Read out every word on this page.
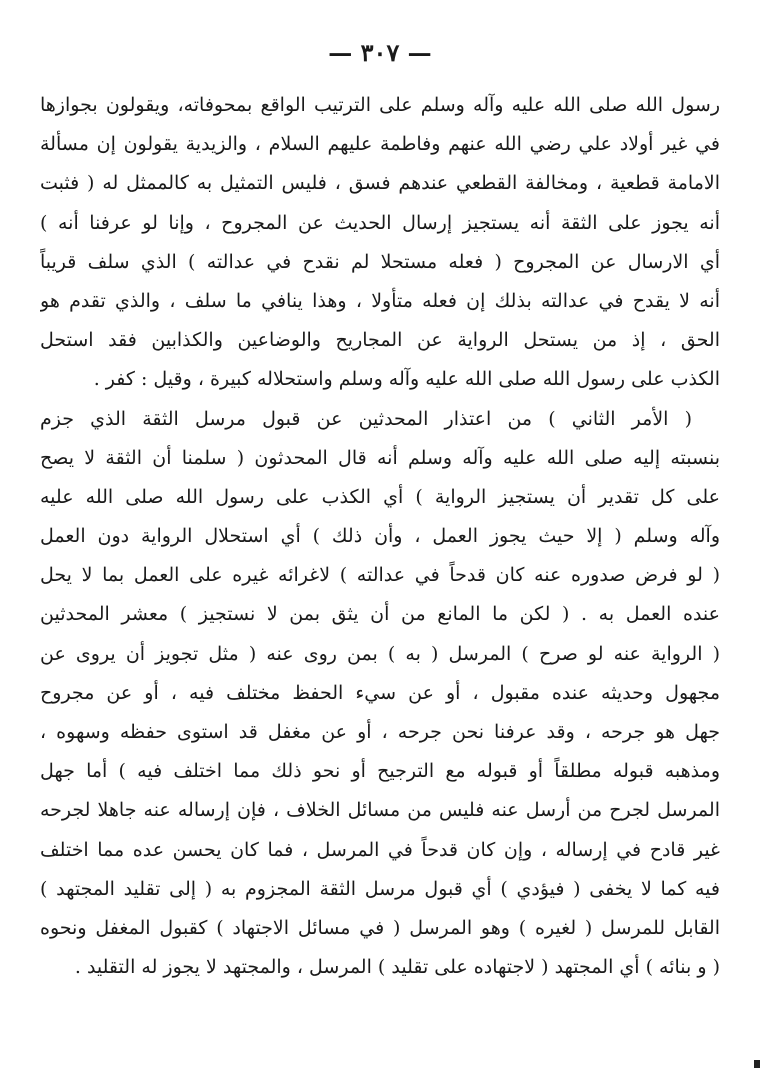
— ٣٠٧ —
رسول الله صلى الله عليه وآله وسلم على الترتيب الواقع بمحوفاته، ويقولون بجوازها
في غير أولاد علي رضي الله عنهم وفاطمة عليهم السلام ، والزيدية يقولون إن مسألة
الامامة قطعية ، ومخالفة القطعي عندهم فسق ، فليس التمثيل به كالممثل له ( فثبت
أنه يجوز على الثقة أنه يستجيز إرسال الحديث عن المجروح ، وإنا لو عرفنا أنه )
أي الارسال عن المجروح ( فعله مستحلا لم نقدح في عدالته ) الذي سلف قريباً
أنه لا يقدح في عدالته بذلك إن فعله متأولا ، وهذا ينافي ما سلف ، والذي تقدم هو
الحق ، إذ من يستحل الرواية عن المجاريح والوضاعين والكذابين فقد استحل
الكذب على رسول الله صلى الله عليه وآله وسلم واستحلاله كبيرة ، وقيل : كفر .
( الأمر الثاني ) من اعتذار المحدثين عن قبول مرسل الثقة الذي جزم
بنسبته إليه صلى الله عليه وآله وسلم أنه قال المحدثون ( سلمنا أن الثقة لا يصح
على كل تقدير أن يستجيز الرواية ) أي الكذب على رسول الله صلى الله عليه
وآله وسلم ( إلا حيث يجوز العمل ، وأن ذلك ) أي استحلال الرواية دون العمل
( لو فرض صدوره عنه كان قدحاً في عدالته ) لاغرائه غيره على العمل بما لا يحل
عنده العمل به . ( لكن ما المانع من أن يثق بمن لا نستجيز ) معشر المحدثين
( الرواية عنه لو صرح ) المرسل ( به ) بمن روى عنه ( مثل تجويز أن يروى عن
مجهول وحديثه عنده مقبول ، أو عن سيء الحفظ مختلف فيه ، أو عن مجروح
جهل هو جرحه ، وقد عرفنا نحن جرحه ، أو عن مغفل قد استوى حفظه وسهوه ،
ومذهبه قبوله مطلقاً أو قبوله مع الترجيح أو نحو ذلك مما اختلف فيه ) أما جهل
المرسل لجرح من أرسل عنه فليس من مسائل الخلاف ، فإن إرساله عنه جاهلا لجرحه
غير قادح في إرساله ، وإن كان قدحاً في المرسل ، فما كان يحسن عده مما اختلف
فيه كما لا يخفى ( فيؤدي ) أي قبول مرسل الثقة المجزوم به ( إلى تقليد المجتهد )
القابل للمرسل ( لغيره ) وهو المرسل ( في مسائل الاجتهاد ) كقبول المغفل ونحوه
( و بنائه ) أي المجتهد ( لاجتهاده على تقليد ) المرسل ، والمجتهد لا يجوز له التقليد .
